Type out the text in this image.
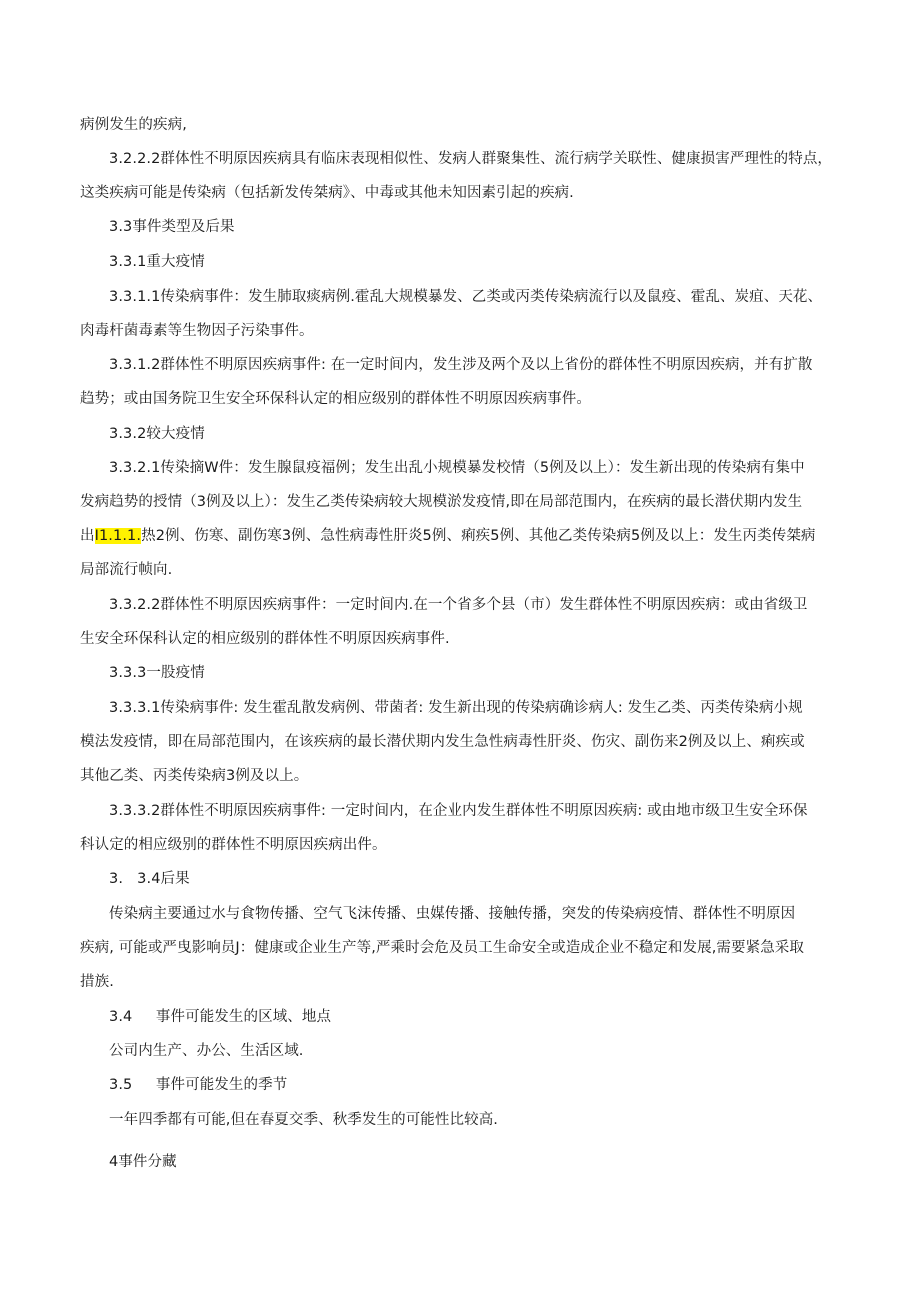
病例发生的疾病,
3.2.2.2群体性不明原因疾病具有临床表现相似性、发病人群聚集性、流行病学关联性、健康损害严理性的特点，
这类疾病可能是传染病（包括新发传桀病》、中毒或其他未知因素引起的疾病.
3.3事件类型及后果
3.3.1重大疫情
3.3.1.1传染病事件：发生肺取痰病例.霍乱大规模暴发、乙类或丙类传染病流行以及鼠疫、霍乱、炭疽、天花、
肉毒杆菌毒素等生物因子污染事件。
3.3.1.2群体性不明原因疾病事件: 在一定时间内，发生涉及两个及以上省份的群体性不明原因疾病，并有扩散
趋势；或由国务院卫生安全环保科认定的相应级别的群体性不明原因疾病事件。
3.3.2较大疫情
3.3.2.1传染摘W件：发生腺鼠疫福例；发生出乱小规模暴发校情（5例及以上）：发生新出现的传染病有集中
发病趋势的授情（3例及以上）：发生乙类传染病较大规模淤发疫情,即在局部范围内，在疾病的最长潜伏期内发生
出I1.1.1.热2例、伤寒、副伤寒3例、急性病毒性肝炎5例、痢疾5例、其他乙类传染病5例及以上：发生丙类传桀病
局部流行帧向.
3.3.2.2群体性不明原因疾病事件：一定时间内.在一个省多个县（市）发生群体性不明原因疾病：或由省级卫
生安全环保科认定的相应级别的群体性不明原因疾病事件.
3.3.3一股疫情
3.3.3.1传染病事件: 发生霍乱散发病例、带菌者: 发生新出现的传染病确诊病人: 发生乙类、丙类传染病小规
模法发疫情，即在局部范围内，在该疾病的最长潜伏期内发生急性病毒性肝炎、伤灾、副伤来2例及以上、痢疾或
其他乙类、丙类传染病3例及以上。
3.3.3.2群体性不明原因疾病事件: 一定时间内，在企业内发生群体性不明原因疾病: 或由地市级卫生安全环保
科认定的相应级别的群体性不明原因疾病出件。
3.   3.4后果
传染病主要通过水与食物传播、空气飞沫传播、虫媒传播、接触传播，突发的传染病疫情、群体性不明原因
疾病, 可能或严曳影响员J：健康或企业生产等,严乘时会危及员工生命安全或造成企业不稳定和发展,需要紧急采取
措族.
3.4     事件可能发生的区域、地点
公司内生产、办公、生活区域.
3.5     事件可能发生的季节
一年四季都有可能,但在春夏交季、秋季发生的可能性比较高.
4事件分藏
